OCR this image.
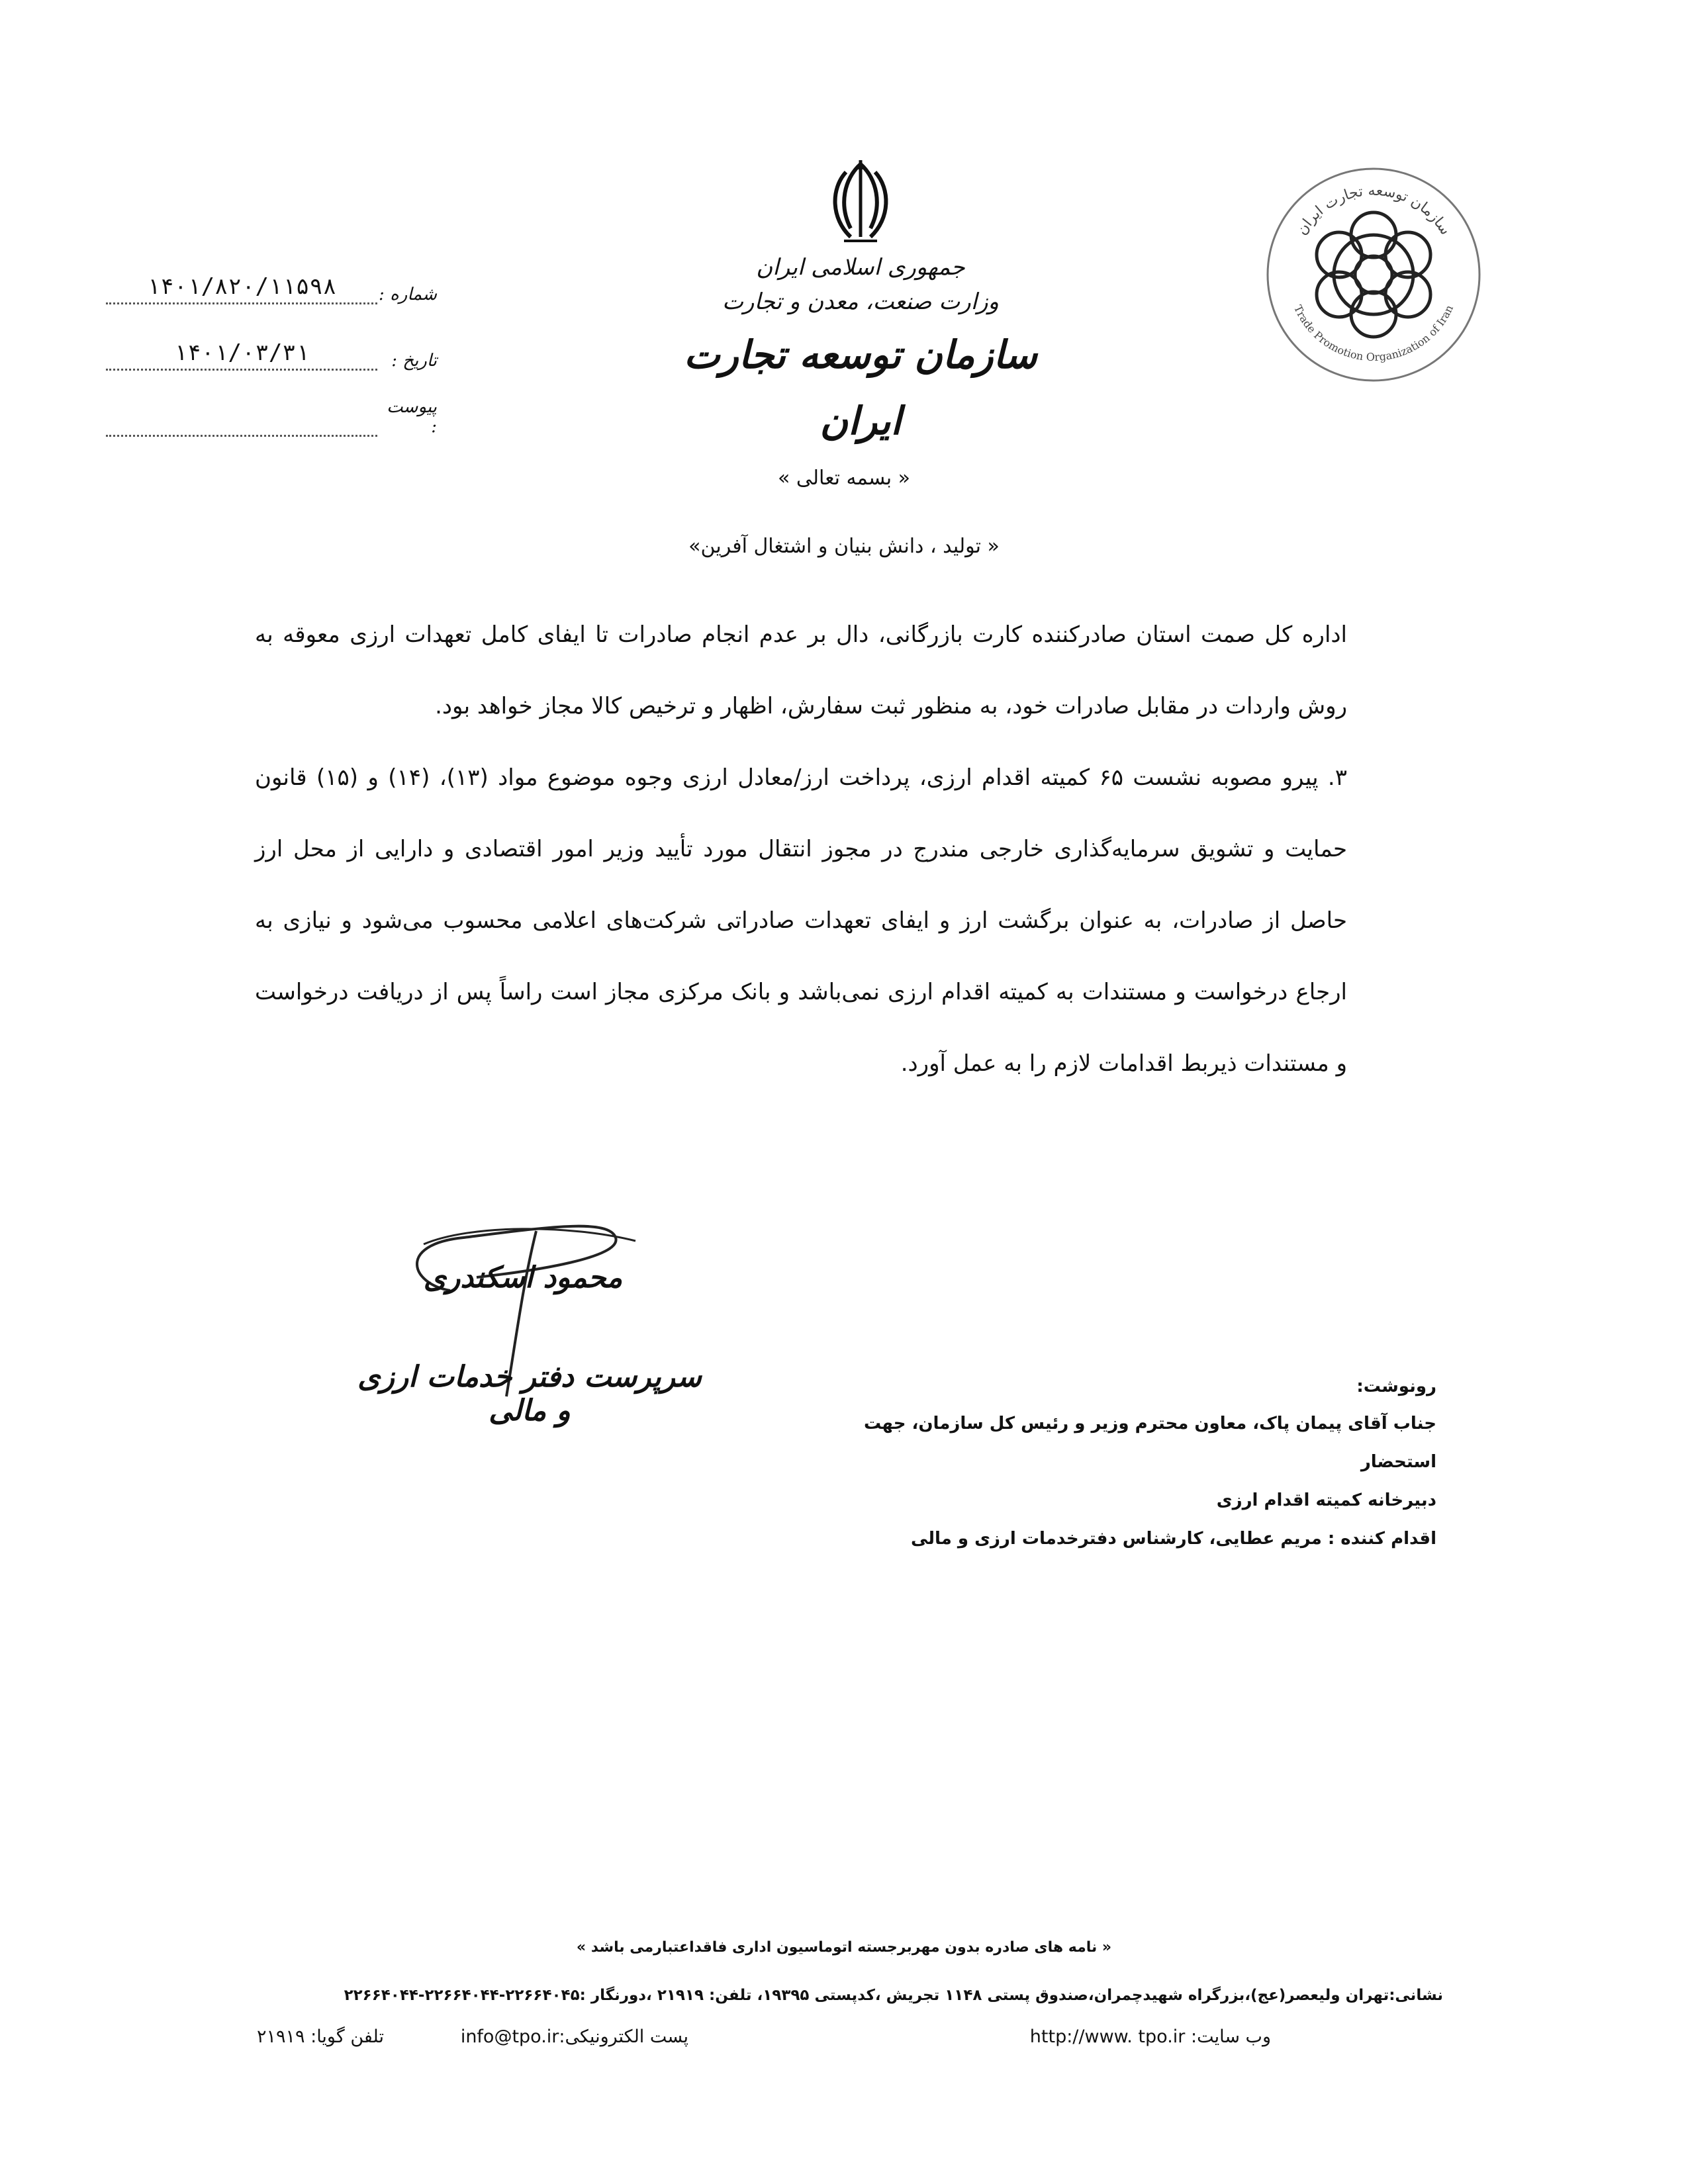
شماره :
۱۴۰۱/۸۲۰/۱۱۵۹۸
تاریخ :
۱۴۰۱/۰۳/۳۱
پیوست :

جمهوری اسلامی ایران

وزارت صنعت، معدن و تجارت

سازمان توسعه تجارت ایران

سازمان توسعه تجارت ایران
Trade Promotion Organization of Iran
« بسمه تعالی »
« تولید ، دانش بنیان و اشتغال آفرین»

اداره کل صمت استان صادرکننده کارت بازرگانی، دال بر عدم انجام صادرات تا ایفای کامل تعهدات ارزی معوقه به روش واردات در مقابل صادرات خود، به منظور ثبت سفارش، اظهار و ترخیص کالا مجاز خواهد بود.

۳. پیرو مصوبه نشست ۶۵ کمیته اقدام ارزی، پرداخت ارز/معادل ارزی وجوه موضوع مواد (۱۳)، (۱۴) و (۱۵) قانون حمایت و تشویق سرمایه‌گذاری خارجی مندرج در مجوز انتقال مورد تأیید وزیر امور اقتصادی و دارایی از محل ارز حاصل از صادرات، به عنوان برگشت ارز و ایفای تعهدات صادراتی شرکت‌های اعلامی محسوب می‌شود و نیازی به ارجاع درخواست و مستندات به کمیته اقدام ارزی نمی‌باشد و بانک مرکزی مجاز است راساً پس از دریافت درخواست و مستندات ذیربط اقدامات لازم را به عمل آورد.

محمود اسکندری
سرپرست دفتر خدمات ارزی و مالی

رونوشت:

جناب آقای پیمان پاک، معاون محترم وزیر و رئیس کل سازمان، جهت

استحضار

دبیرخانه کمیته اقدام ارزی

اقدام کننده : مریم عطایی، کارشناس دفترخدمات ارزی و مالی

« نامه های صادره بدون مهربرجسته اتوماسیون اداری فاقداعتبارمی باشد »
نشانی:تهران ولیعصر(عج)،بزرگراه شهیدچمران،صندوق پستی ۱۱۴۸ تجریش ،کدپستی ۱۹۳۹۵، تلفن: ۲۱۹۱۹ ،دورنگار :۲۲۶۶۴۰۴۵-۲۲۶۶۴۰۴۴-۲۲۶۶۴۰۴۴
وب سایت: http://www. tpo.ir
پست الکترونیکی:info@tpo.ir
تلفن گویا: ۲۱۹۱۹
